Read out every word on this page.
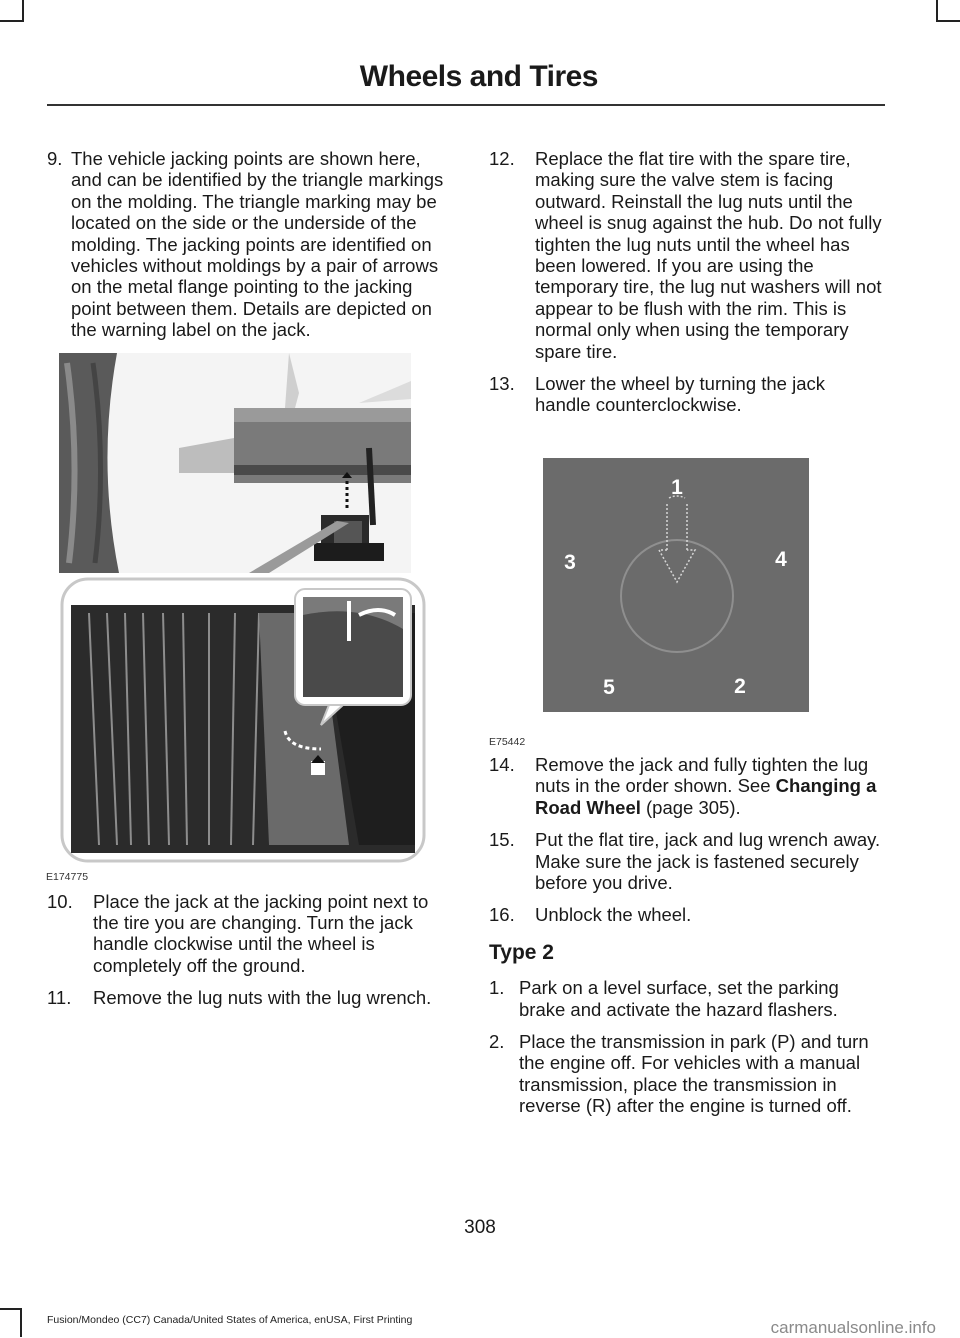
Wheels and Tires
9. The vehicle jacking points are shown here, and can be identified by the triangle markings on the molding. The triangle marking may be located on the side or the underside of the molding. The jacking points are identified on vehicles without moldings by a pair of arrows on the metal flange pointing to the jacking point between them. Details are depicted on the warning label on the jack.
E174775
10. Place the jack at the jacking point next to the tire you are changing. Turn the jack handle clockwise until the wheel is completely off the ground.
11. Remove the lug nuts with the lug wrench.
12. Replace the flat tire with the spare tire, making sure the valve stem is facing outward. Reinstall the lug nuts until the wheel is snug against the hub. Do not fully tighten the lug nuts until the wheel has been lowered. If you are using the temporary tire, the lug nut washers will not appear to be flush with the rim. This is normal only when using the temporary spare tire.
13. Lower the wheel by turning the jack handle counterclockwise.
1
2
3	4
5
E75442
14. Remove the jack and fully tighten the lug nuts in the order shown. See Changing a Road Wheel (page 305).
15. Put the flat tire, jack and lug wrench away. Make sure the jack is fastened securely before you drive.
16. Unblock the wheel.
Type 2
1. Park on a level surface, set the parking brake and activate the hazard flashers.
2. Place the transmission in park (P) and turn the engine off. For vehicles with a manual transmission, place the transmission in reverse (R) after the engine is turned off.
308
Fusion/Mondeo (CC7) Canada/United States of America, enUSA, First Printing	carmanualsonline.info
